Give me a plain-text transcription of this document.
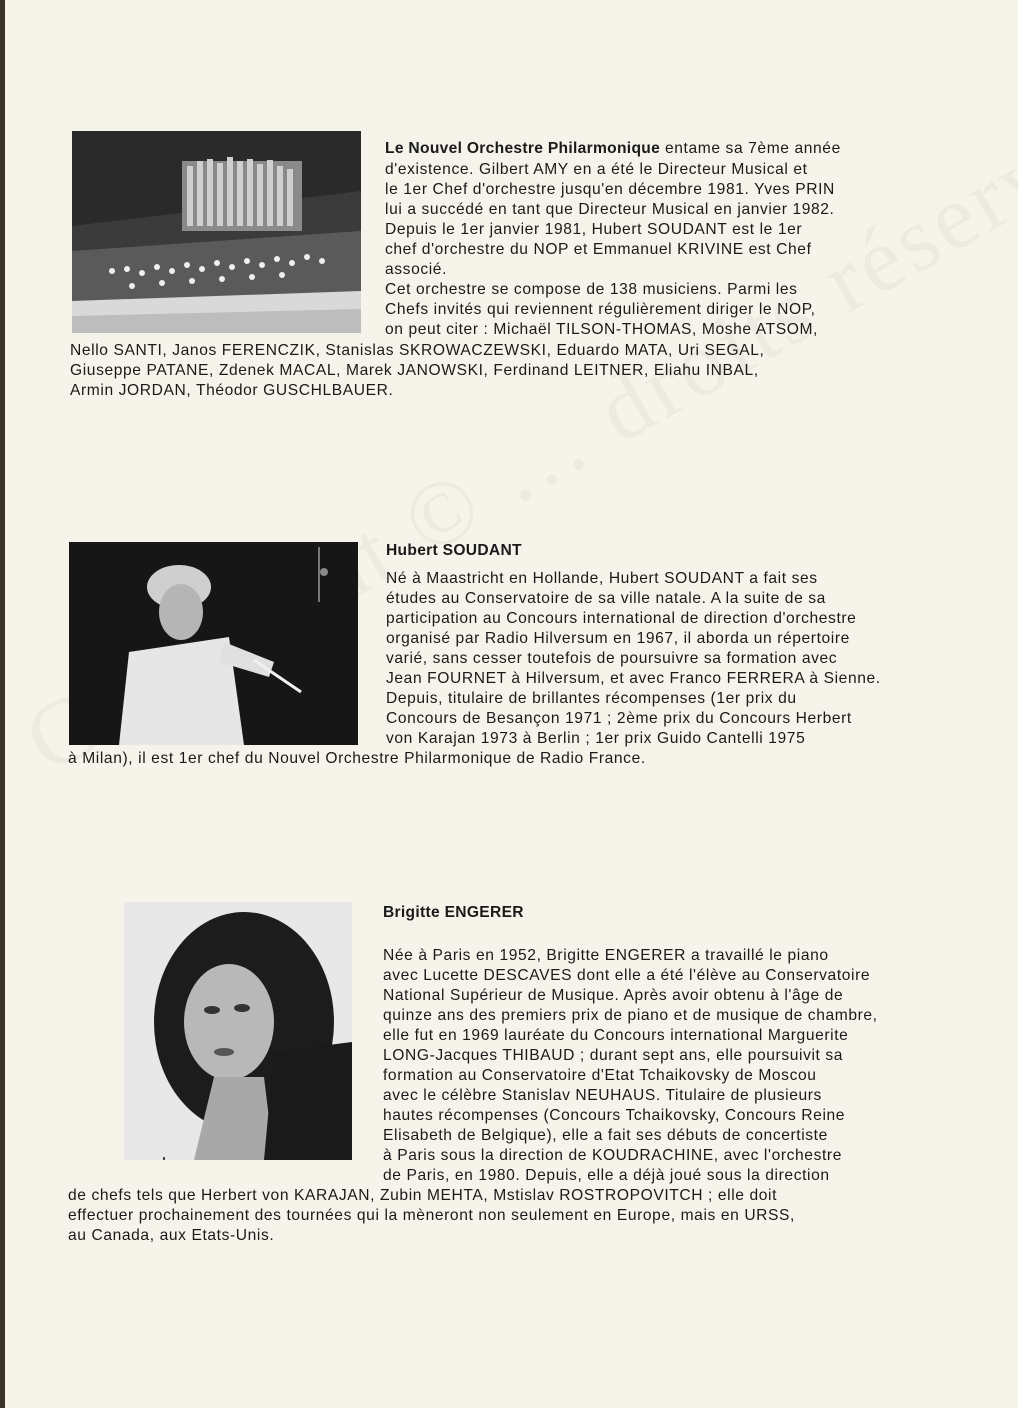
Le Nouvel Orchestre Philarmonique entame sa 7ème année
d'existence. Gilbert AMY en a été le Directeur Musical et
le 1er Chef d'orchestre jusqu'en décembre 1981. Yves PRIN
lui a succédé en tant que Directeur Musical en janvier 1982.
Depuis le 1er janvier 1981, Hubert SOUDANT est le 1er
chef d'orchestre du NOP et Emmanuel KRIVINE est Chef
associé.
Cet orchestre se compose de 138 musiciens. Parmi les
Chefs invités qui reviennent régulièrement diriger le NOP,
on peut citer : Michaël TILSON-THOMAS, Moshe ATSOM,
Nello SANTI, Janos FERENCZIK, Stanislas SKROWACZEWSKI, Eduardo MATA, Uri SEGAL,
Giuseppe PATANE, Zdenek MACAL, Marek JANOWSKI, Ferdinand LEITNER, Eliahu INBAL,
Armin JORDAN, Théodor GUSCHLBAUER.
Hubert SOUDANT
Né à Maastricht en Hollande, Hubert SOUDANT a fait ses
études au Conservatoire de sa ville natale. A la suite de sa
participation au Concours international de direction d'orchestre
organisé par Radio Hilversum en 1967, il aborda un répertoire
varié, sans cesser toutefois de poursuivre sa formation avec
Jean FOURNET à Hilversum, et avec Franco FERRERA à Sienne.
Depuis, titulaire de brillantes récompenses (1er prix du
Concours de Besançon 1971 ; 2ème prix du Concours Herbert
von Karajan 1973 à Berlin ; 1er prix Guido Cantelli 1975
à Milan), il est 1er chef du Nouvel Orchestre Philarmonique de Radio France.
Brigitte ENGERER
Née à Paris en 1952, Brigitte ENGERER a travaillé le piano
avec Lucette DESCAVES dont elle a été l'élève au Conservatoire
National Supérieur de Musique. Après avoir obtenu à l'âge de
quinze ans des premiers prix de piano et de musique de chambre,
elle fut en 1969 lauréate du Concours international Marguerite
LONG-Jacques THIBAUD ; durant sept ans, elle poursuivit sa
formation au Conservatoire d'Etat Tchaikovsky de Moscou
avec le célèbre Stanislav NEUHAUS. Titulaire de plusieurs
hautes récompenses (Concours Tchaikovsky, Concours Reine
Elisabeth de Belgique), elle a fait ses débuts de concertiste
à Paris sous la direction de KOUDRACHINE, avec l'orchestre
de Paris, en 1980. Depuis, elle a déjà joué sous la direction
de chefs tels que Herbert von KARAJAN, Zubin MEHTA, Mstislav ROSTROPOVITCH ; elle doit
effectuer prochainement des tournées qui la mèneront non seulement en Europe, mais en URSS,
au Canada, aux Etats-Unis.
